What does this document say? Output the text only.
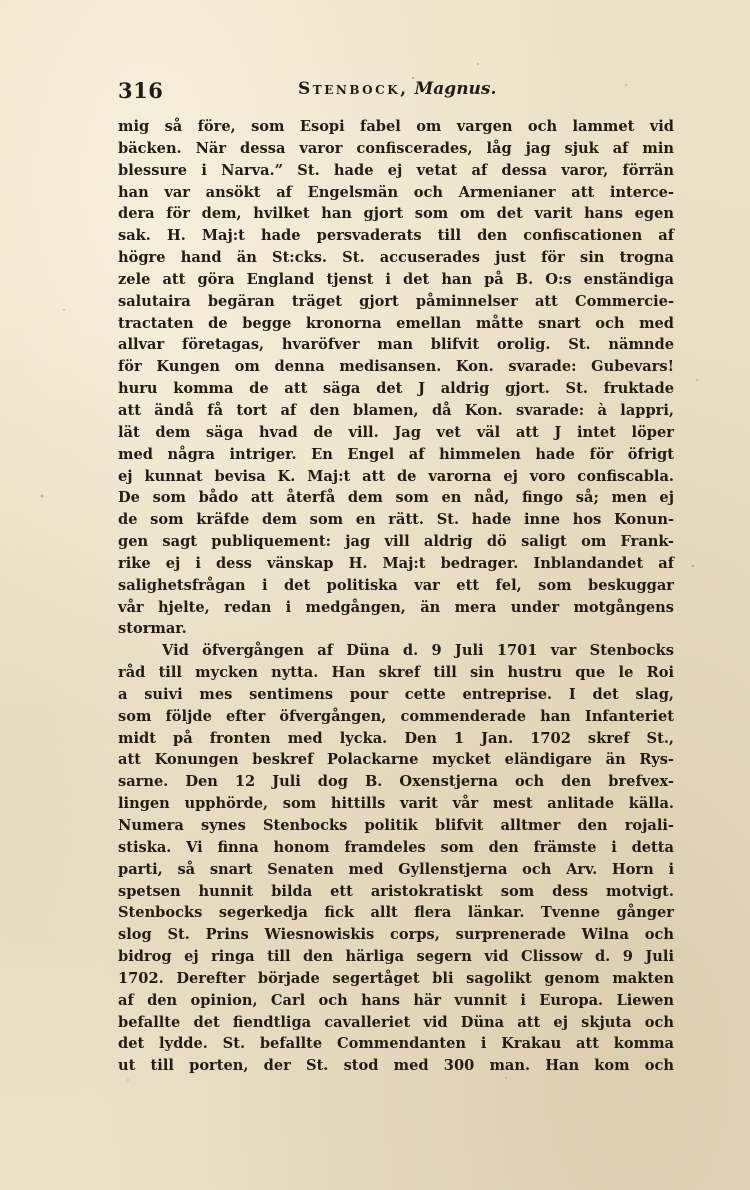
316	Stenbock, Magnus.
mig så före, som Esopi fabel om vargen och lammet vid
bäcken. När dessa varor confiscerades, låg jag sjuk af min
blessure i Narva.” St. hade ej vetat af dessa varor, förrän
han var ansökt af Engelsmän och Armenianer att interce-
dera för dem, hvilket han gjort som om det varit hans egen
sak. H. Maj:t hade persvaderats till den confiscationen af
högre hand än St:cks. St. accuserades just för sin trogna
zele att göra England tjenst i det han på B. O:s enständiga
salutaira begäran träget gjort påminnelser att Commercie-
tractaten de begge kronorna emellan måtte snart och med
allvar företagas, hvaröfver man blifvit orolig. St. nämnde
för Kungen om denna medisansen. Kon. svarade: Gubevars!
huru komma de att säga det J aldrig gjort. St. fruktade
att ändå få tort af den blamen, då Kon. svarade: à lappri,
lät dem säga hvad de vill. Jag vet väl att J intet löper
med några intriger. En Engel af himmelen hade för öfrigt
ej kunnat bevisa K. Maj:t att de varorna ej voro confiscabla.
De som bådo att återfå dem som en nåd, fingo så; men ej
de som kräfde dem som en rätt. St. hade inne hos Konun-
gen sagt publiquement: jag vill aldrig dö saligt om Frank-
rike ej i dess vänskap H. Maj:t bedrager. Inblandandet af
salighetsfrågan i det politiska var ett fel, som beskuggar
vår hjelte, redan i medgången, än mera under motgångens
stormar.
Vid öfvergången af Düna d. 9 Juli 1701 var Stenbocks
råd till mycken nytta. Han skref till sin hustru que le Roi
a suivi mes sentimens pour cette entreprise. I det slag,
som följde efter öfvergången, commenderade han Infanteriet
midt på fronten med lycka. Den 1 Jan. 1702 skref St.,
att Konungen beskref Polackarne mycket eländigare än Rys-
sarne. Den 12 Juli dog B. Oxenstjerna och den brefvex-
lingen upphörde, som hittills varit vår mest anlitade källa.
Numera synes Stenbocks politik blifvit alltmer den rojali-
stiska. Vi finna honom framdeles som den främste i detta
parti, så snart Senaten med Gyllenstjerna och Arv. Horn i
spetsen hunnit bilda ett aristokratiskt som dess motvigt.
Stenbocks segerkedja fick allt flera länkar. Tvenne gånger
slog St. Prins Wiesnowiskis corps, surprenerade Wilna och
bidrog ej ringa till den härliga segern vid Clissow d. 9 Juli
1702. Derefter började segertåget bli sagolikt genom makten
af den opinion, Carl och hans här vunnit i Europa. Liewen
befallte det fiendtliga cavalleriet vid Düna att ej skjuta och
det lydde. St. befallte Commendanten i Krakau att komma
ut till porten, der St. stod med 300 man. Han kom och
